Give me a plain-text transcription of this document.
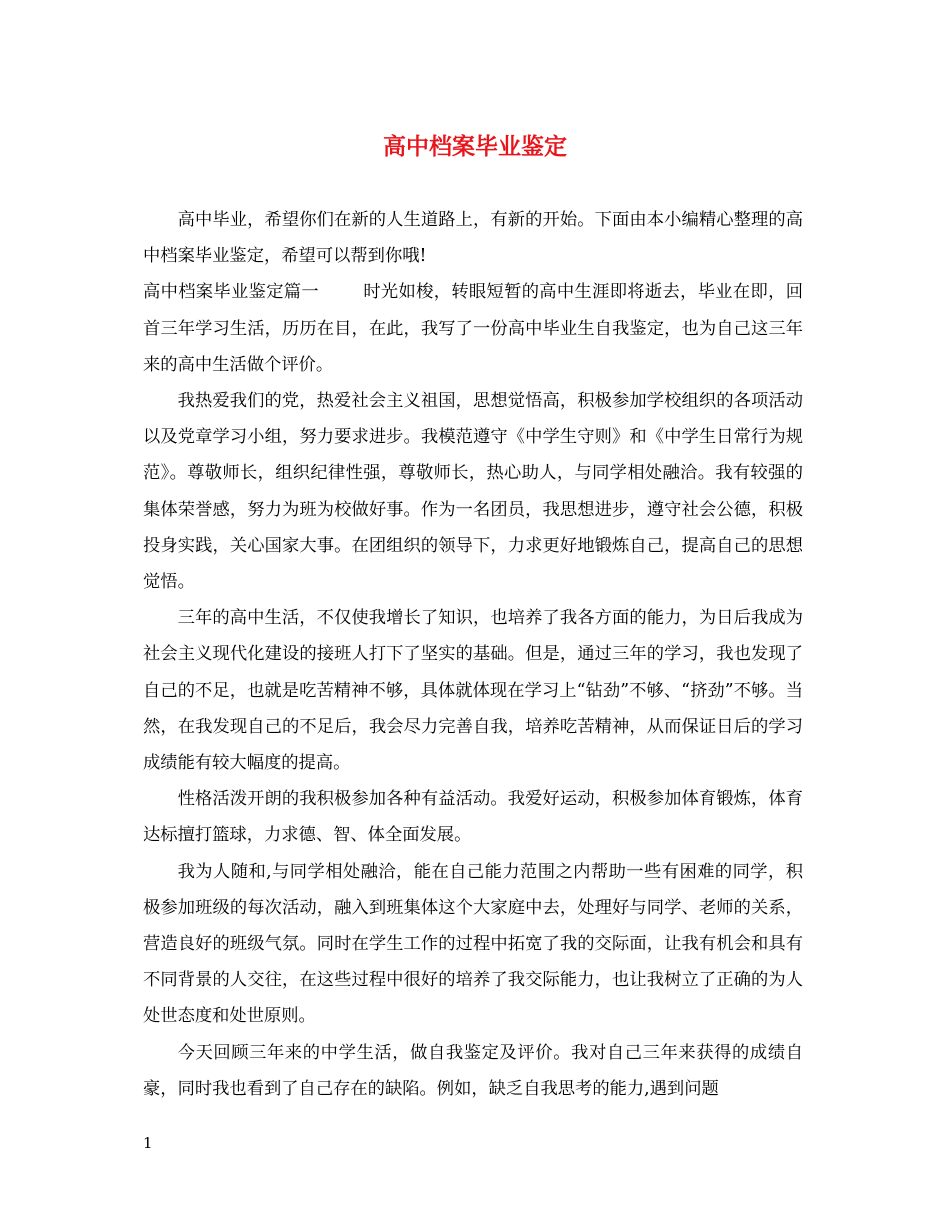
高中档案毕业鉴定

高中毕业，希望你们在新的人生道路上，有新的开始。下面由本小编精心整理的高中档案毕业鉴定，希望可以帮到你哦!

高中档案毕业鉴定篇一	时光如梭，转眼短暂的高中生涯即将逝去，毕业在即，回首三年学习生活，历历在目，在此，我写了一份高中毕业生自我鉴定，也为自己这三年来的高中生活做个评价。

我热爱我们的党，热爱社会主义祖国，思想觉悟高，积极参加学校组织的各项活动以及党章学习小组，努力要求进步。我模范遵守《中学生守则》和《中学生日常行为规范》。尊敬师长，组织纪律性强，尊敬师长，热心助人，与同学相处融洽。我有较强的集体荣誉感，努力为班为校做好事。作为一名团员，我思想进步，遵守社会公德，积极投身实践，关心国家大事。在团组织的领导下，力求更好地锻炼自己，提高自己的思想觉悟。

三年的高中生活，不仅使我增长了知识，也培养了我各方面的能力，为日后我成为社会主义现代化建设的接班人打下了坚实的基础。但是，通过三年的学习，我也发现了自己的不足，也就是吃苦精神不够，具体就体现在学习上“钻劲”不够、“挤劲”不够。当然，在我发现自己的不足后，我会尽力完善自我，培养吃苦精神，从而保证日后的学习成绩能有较大幅度的提高。

性格活泼开朗的我积极参加各种有益活动。我爱好运动，积极参加体育锻炼，体育达标擅打篮球，力求德、智、体全面发展。

我为人随和,与同学相处融洽，能在自己能力范围之内帮助一些有困难的同学，积极参加班级的每次活动，融入到班集体这个大家庭中去，处理好与同学、老师的关系，营造良好的班级气氛。同时在学生工作的过程中拓宽了我的交际面，让我有机会和具有不同背景的人交往，在这些过程中很好的培养了我交际能力，也让我树立了正确的为人处世态度和处世原则。

今天回顾三年来的中学生活，做自我鉴定及评价。我对自己三年来获得的成绩自豪，同时我也看到了自己存在的缺陷。例如，缺乏自我思考的能力,遇到问题

1
